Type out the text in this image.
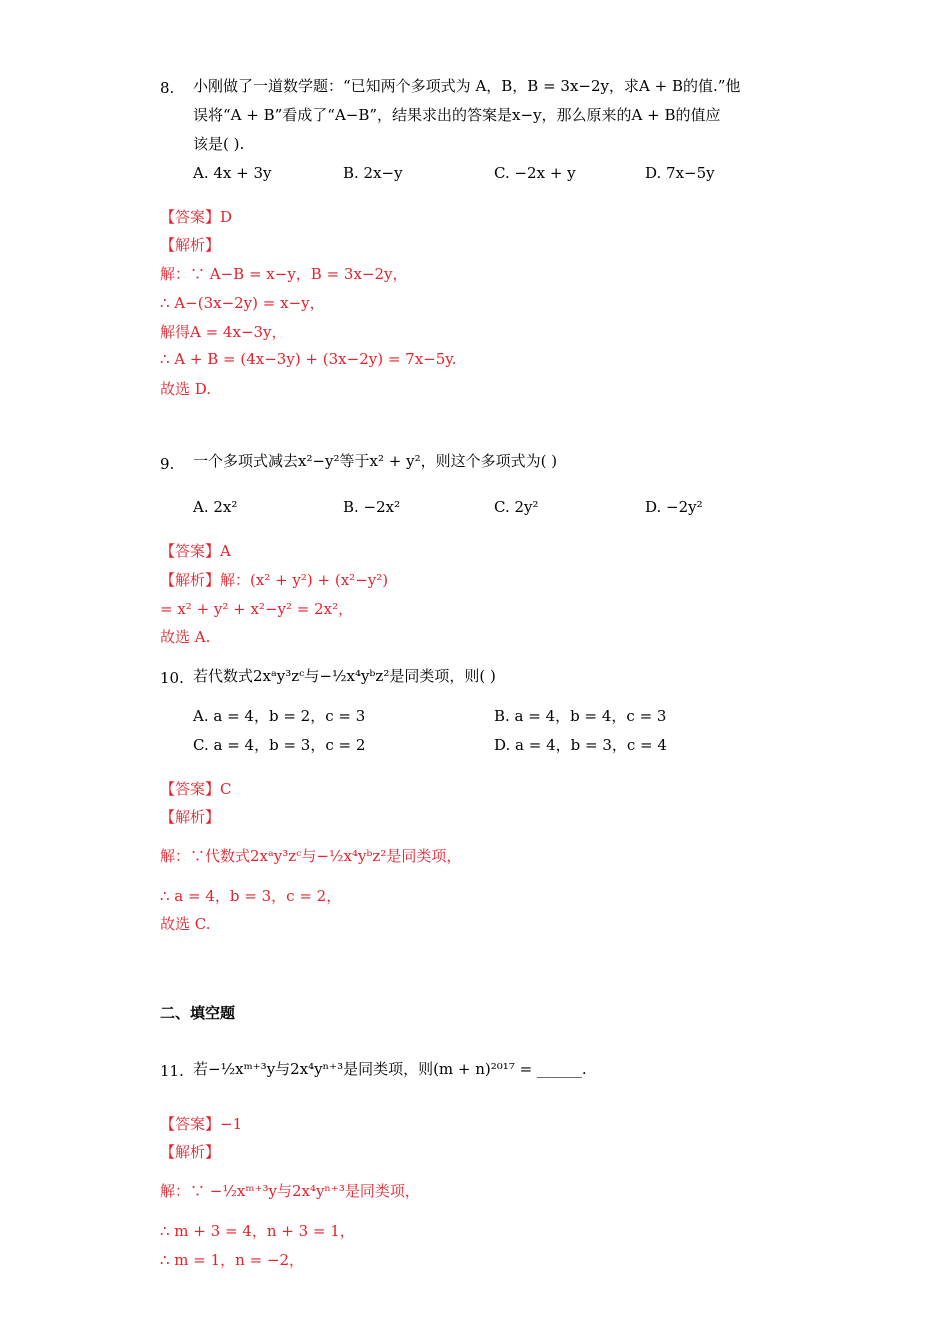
8. 小刚做了一道数学题：“已知两个多项式为 A，B，B = 3x−2y，求A + B的值.”他
误将“A + B”看成了“A−B”，结果求出的答案是x−y，那么原来的A + B的值应
该是( ).
A. 4x + 3y	B. 2x−y	C. −2x + y	D. 7x−5y
【答案】D
【解析】
解：∵ A−B = x−y，B = 3x−2y，
∴ A−(3x−2y) = x−y，
解得A = 4x−3y，
∴ A + B = (4x−3y) + (3x−2y) = 7x−5y.
故选 D.
9. 一个多项式减去x²−y²等于x² + y²，则这个多项式为( )
A. 2x²	B. −2x²	C. 2y²	D. −2y²
【答案】A
【解析】解：(x² + y²) + (x²−y²)
= x² + y² + x²−y² = 2x²，
故选 A.
10. 若代数式2xᵃy³zᶜ与−½x⁴yᵇz²是同类项，则( )
A. a = 4，b = 2，c = 3	B. a = 4，b = 4，c = 3
C. a = 4，b = 3，c = 2	D. a = 4，b = 3，c = 4
【答案】C
【解析】
解：∵代数式2xᵃy³zᶜ与−½x⁴yᵇz²是同类项，
∴ a = 4，b = 3，c = 2，
故选 C.
二、填空题
11. 若−½xᵐ⁺³y与2x⁴yⁿ⁺³是同类项，则(m + n)²⁰¹⁷ = ______.
【答案】−1
【解析】
解：∵ −½xᵐ⁺³y与2x⁴yⁿ⁺³是同类项，
∴ m + 3 = 4，n + 3 = 1，
∴ m = 1，n = −2，
